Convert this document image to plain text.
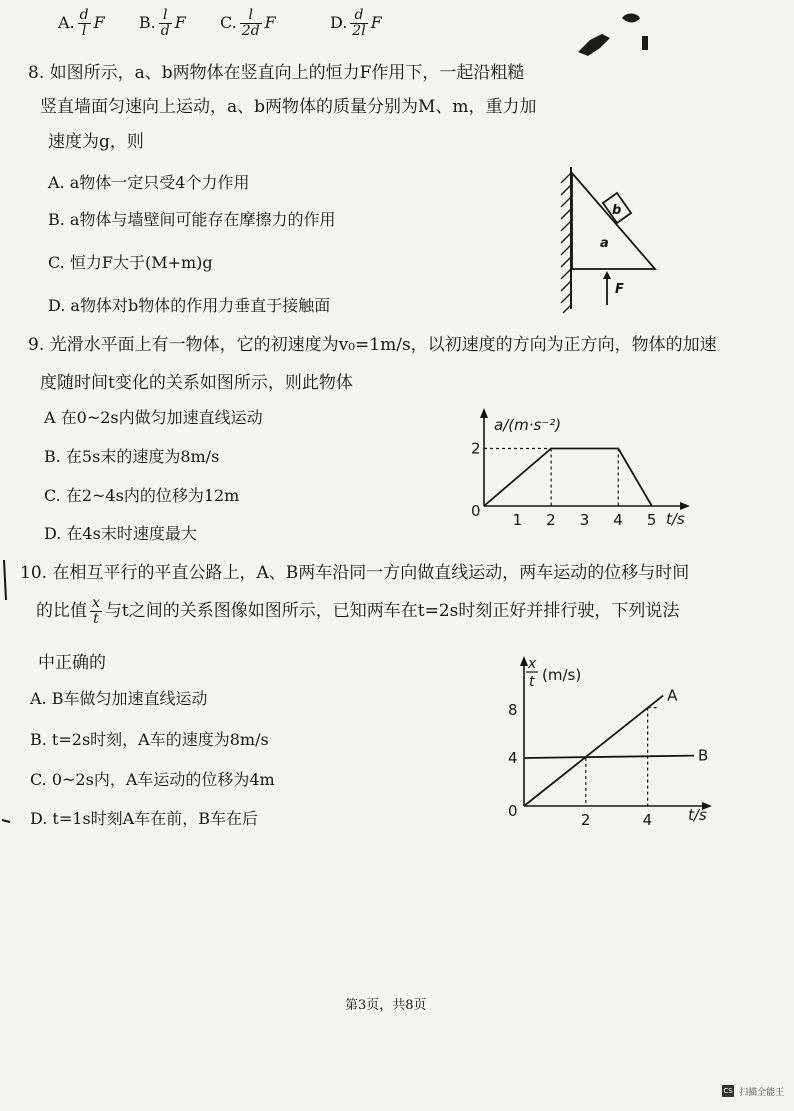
A. $\frac{d}{l}$ F B. $\frac{l}{d}$ F C. $\frac{l}{2d}$ F	D. $\frac{d}{2l}$ F
8. 如图所示，a、b两物体在竖直向上的恒力F作用下，一起沿粗糙
竖直墙面匀速向上运动，a、b两物体的质量分别为M、m，重力加
速度为g，则
A. a物体一定只受4个力作用
B. a物体与墙壁间可能存在摩擦力的作用
C. 恒力F大于(M+m)g
D. a物体对b物体的作用力垂直于接触面
b
a
F
9. 光滑水平面上有一物体，它的初速度为v₀=1m/s，以初速度的方向为正方向，物体的加速
度随时间t变化的关系如图所示，则此物体
A 在0~2s内做匀加速直线运动
B. 在5s末的速度为8m/s
C. 在2~4s内的位移为12m
D. 在4s末时速度最大
a/(m·s⁻²)
t/s
0 1 2 3 4 5
2
10. 在相互平行的平直公路上，A、B两车沿同一方向做直线运动，两车运动的位移与时间
的比值 $\frac{x}{t}$ 与t之间的关系图像如图所示，已知两车在t=2s时刻正好并排行驶，下列说法
中正确的
A. B车做匀加速直线运动
B. t=2s时刻，A车的速度为8m/s
C. 0~2s内，A车运动的位移为4m
D. t=1s时刻A车在前，B车在后
x
t (m/s)
t/s
0	2	4
4
8
A
B
第3页，共8页
CS 扫描全能王
